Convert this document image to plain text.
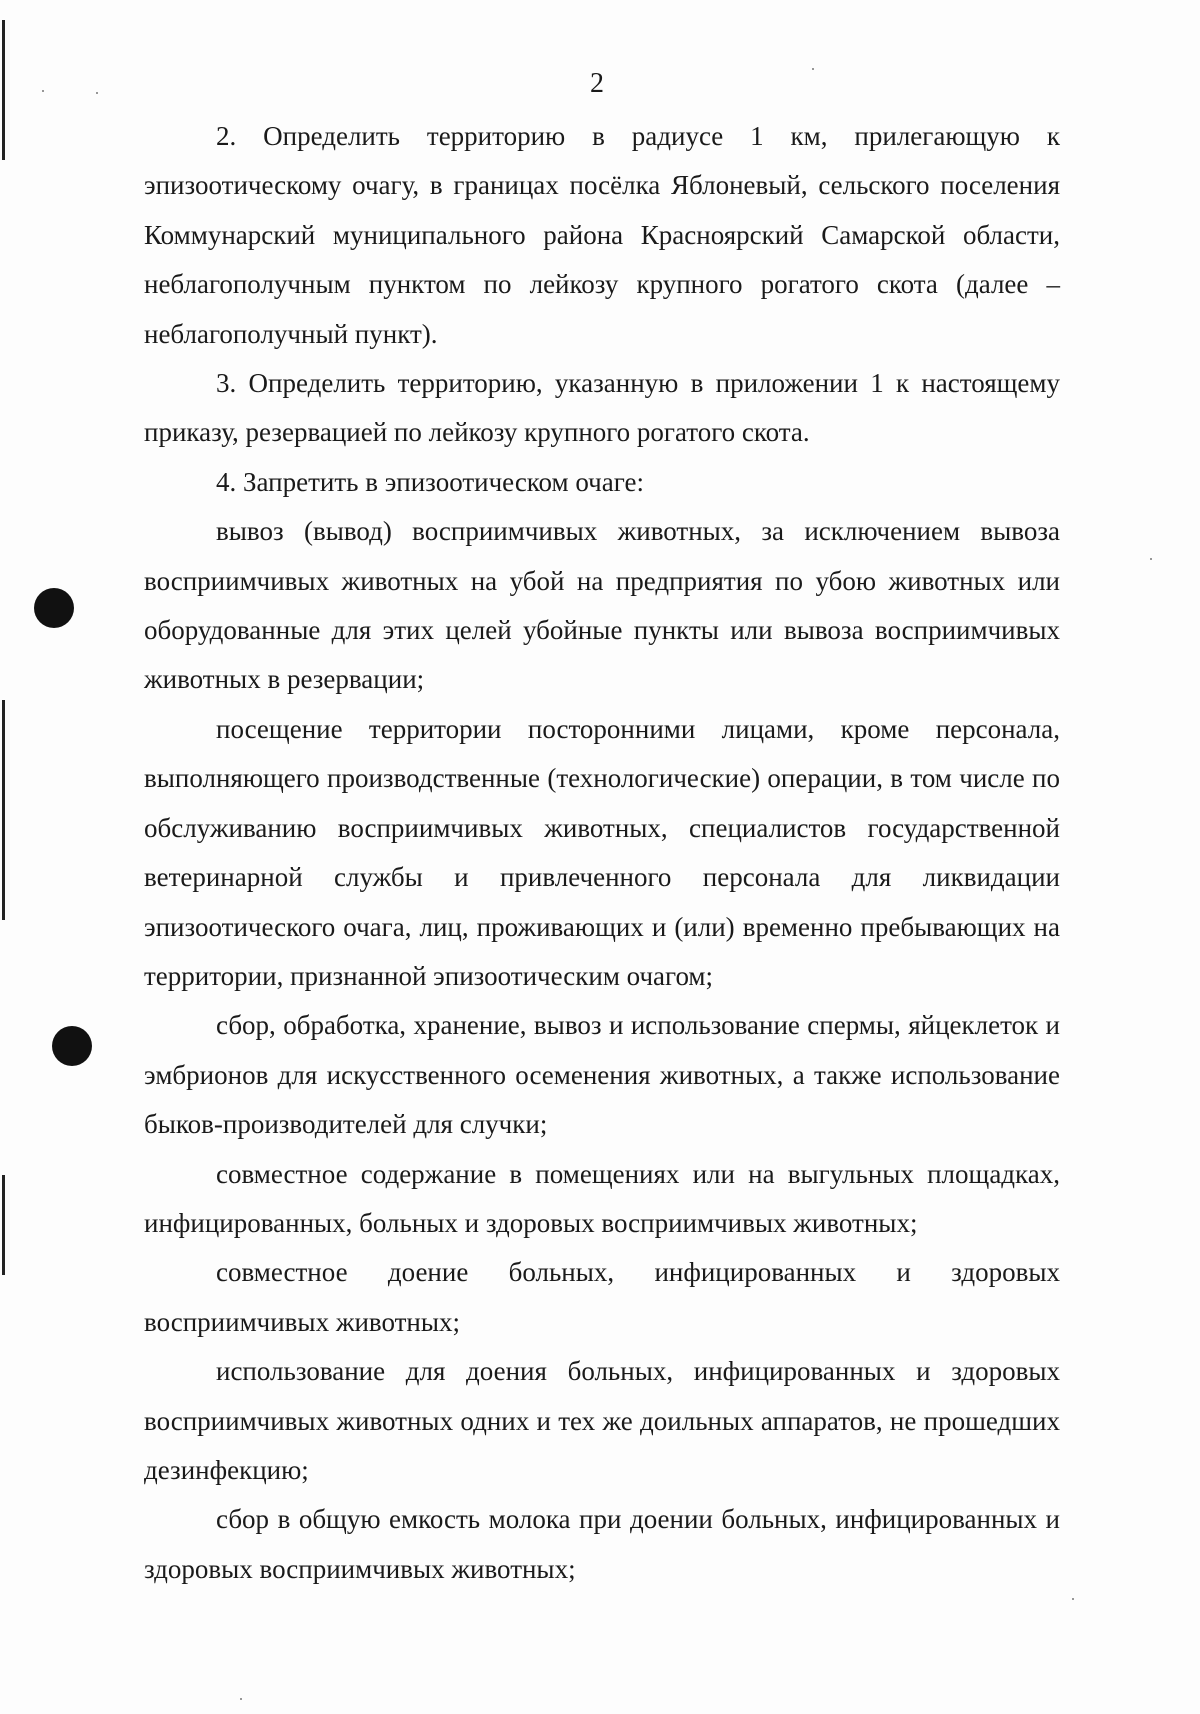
2

2. Определить территорию в радиусе 1 км, прилегающую к эпизоотическому очагу, в границах посёлка Яблоневый, сельского поселения Коммунарский муниципального района Красноярский Самарской области, неблагополучным пунктом по лейкозу крупного рогатого скота (далее – неблагополучный пункт).

3. Определить территорию, указанную в приложении 1 к настоящему приказу, резервацией по лейкозу крупного рогатого скота.

4. Запретить в эпизоотическом очаге:

вывоз (вывод) восприимчивых животных, за исключением вывоза восприимчивых животных на убой на предприятия по убою животных или оборудованные для этих целей убойные пункты или вывоза восприимчивых животных в резервации;

посещение территории посторонними лицами, кроме персонала, выполняющего производственные (технологические) операции, в том числе по обслуживанию восприимчивых животных, специалистов государственной ветеринарной службы и привлеченного персонала для ликвидации эпизоотического очага, лиц, проживающих и (или) временно пребывающих на территории, признанной эпизоотическим очагом;

сбор, обработка, хранение, вывоз и использование спермы, яйцеклеток и эмбрионов для искусственного осеменения животных, а также использование быков-производителей для случки;

совместное содержание в помещениях или на выгульных площадках, инфицированных, больных и здоровых восприимчивых животных;

совместное доение больных, инфицированных и здоровых восприимчивых животных;

использование для доения больных, инфицированных и здоровых восприимчивых животных одних и тех же доильных аппаратов, не прошедших дезинфекцию;

сбор в общую емкость молока при доении больных, инфицированных и здоровых восприимчивых животных;
